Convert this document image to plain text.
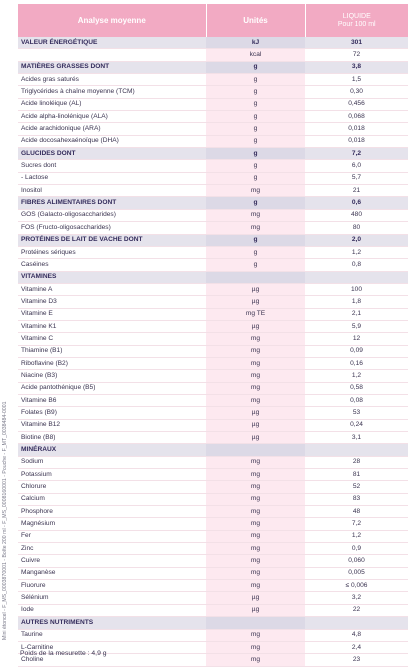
Mini étoncel - F_MS_0003870001 - Boîte 200 ml - F_MS_0008160001 - Pouche - F_MT_0038484-0001
Analyse moyenne	Unités	LIQUIDE
Pour 100 ml

VALEUR ÉNERGÉTIQUE	kJ	301
	kcal	72
MATIÈRES GRASSES DONT	g	3,8
Acides gras saturés	g	1,5
Triglycérides à chaîne moyenne (TCM)	g	0,30
Acide linoléique (AL)	g	0,456
Acide alpha-linolénique (ALA)	g	0,068
Acide arachidonique (ARA)	g	0,018
Acide docosahexaénoïque (DHA)	g	0,018
GLUCIDES DONT	g	7,2
Sucres dont	g	6,0
- Lactose	g	5,7
Inositol	mg	21
FIBRES ALIMENTAIRES DONT	g	0,6
GOS (Galacto-oligosaccharides)	mg	480
FOS (Fructo-oligosaccharides)	mg	80
PROTÉINES DE LAIT DE VACHE DONT	g	2,0
Protéines sériques	g	1,2
Caséines	g	0,8
VITAMINES		
Vitamine A	µg	100
Vitamine D3	µg	1,8
Vitamine E	mg TE	2,1
Vitamine K1	µg	5,9
Vitamine C	mg	12
Thiamine (B1)	mg	0,09
Riboflavine (B2)	mg	0,16
Niacine (B3)	mg	1,2
Acide pantothénique (B5)	mg	0,58
Vitamine B6	mg	0,08
Folates (B9)	µg	53
Vitamine B12	µg	0,24
Biotine (B8)	µg	3,1
MINÉRAUX		
Sodium	mg	28
Potassium	mg	81
Chlorure	mg	52
Calcium	mg	83
Phosphore	mg	48
Magnésium	mg	7,2
Fer	mg	1,2
Zinc	mg	0,9
Cuivre	mg	0,060
Manganèse	mg	0,005
Fluorure	mg	≤ 0,006
Sélénium	µg	3,2
Iode	µg	22
AUTRES NUTRIMENTS		
Taurine	mg	4,8
L-Carnitine	mg	2,4
Choline	mg	23
Poids de la mesurette : 4,9 g
